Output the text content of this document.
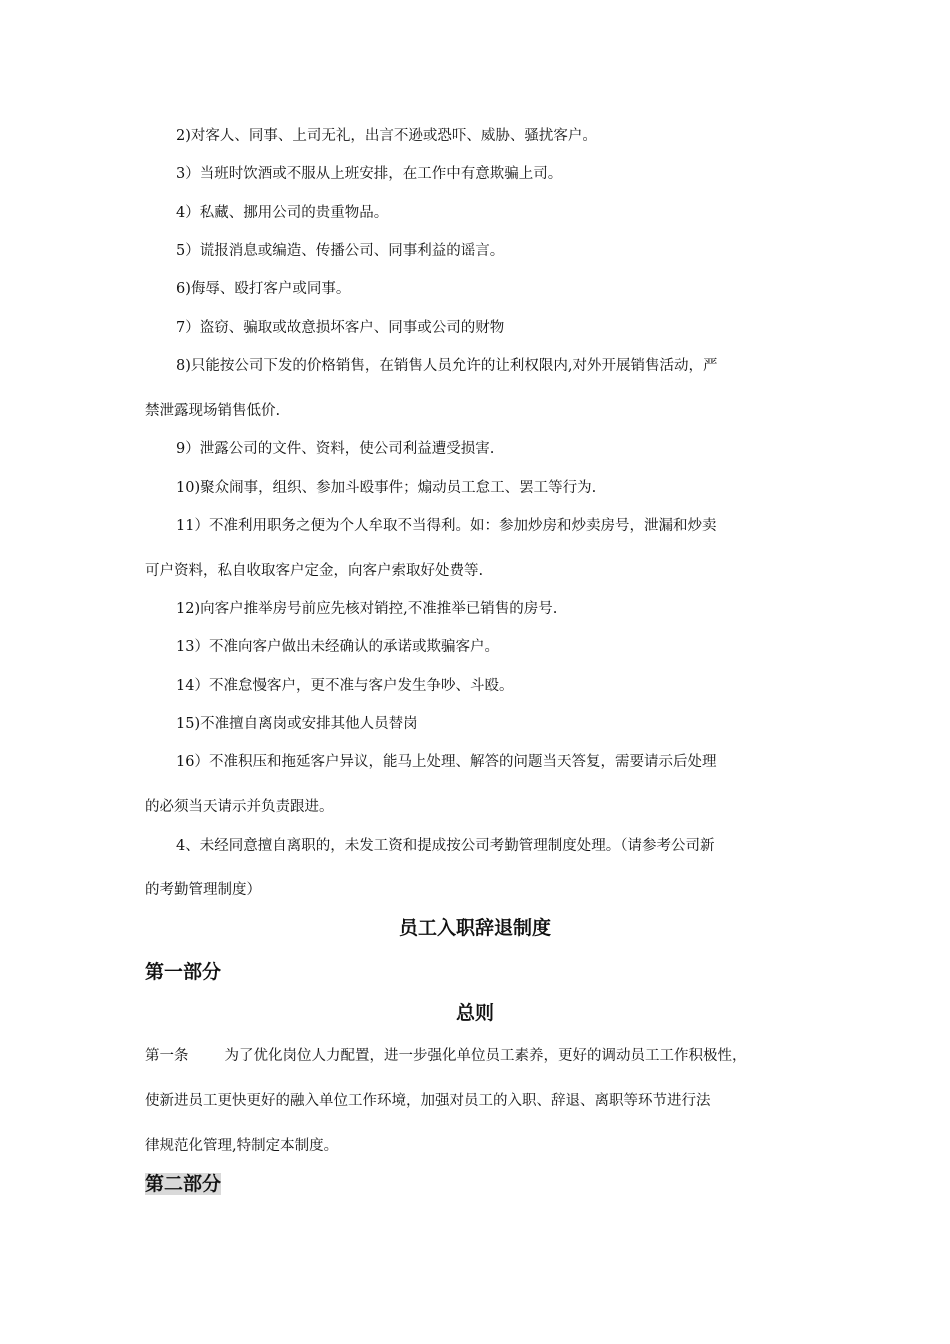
2)对客人、同事、上司无礼，出言不逊或恐吓、威胁、骚扰客户。
3）当班时饮酒或不服从上班安排，在工作中有意欺骗上司。
4）私藏、挪用公司的贵重物品。
5）谎报消息或编造、传播公司、同事利益的谣言。
6)侮辱、殴打客户或同事。
7）盗窃、骗取或故意损坏客户、同事或公司的财物
8)只能按公司下发的价格销售，在销售人员允许的让利权限内,对外开展销售活动，严
禁泄露现场销售低价.
9）泄露公司的文件、资料，使公司利益遭受损害.
10)聚众闹事，组织、参加斗殴事件；煽动员工怠工、罢工等行为.
11）不准利用职务之便为个人牟取不当得利。如：参加炒房和炒卖房号，泄漏和炒卖
可户资料，私自收取客户定金，向客户索取好处费等.
12)向客户推举房号前应先核对销控,不准推举已销售的房号.
13）不准向客户做出未经确认的承诺或欺骗客户。
14）不准怠慢客户，更不准与客户发生争吵、斗殴。
15)不准擅自离岗或安排其他人员替岗
16）不准积压和拖延客户异议，能马上处理、解答的问题当天答复，需要请示后处理
的必须当天请示并负责跟进。
4、未经同意擅自离职的，未发工资和提成按公司考勤管理制度处理。（请参考公司新
的考勤管理制度）
员工入职辞退制度
第一部分
总则
第一条 为了优化岗位人力配置，进一步强化单位员工素养，更好的调动员工工作积极性，
使新进员工更快更好的融入单位工作环境，加强对员工的入职、辞退、离职等环节进行法
律规范化管理,特制定本制度。
第二部分
